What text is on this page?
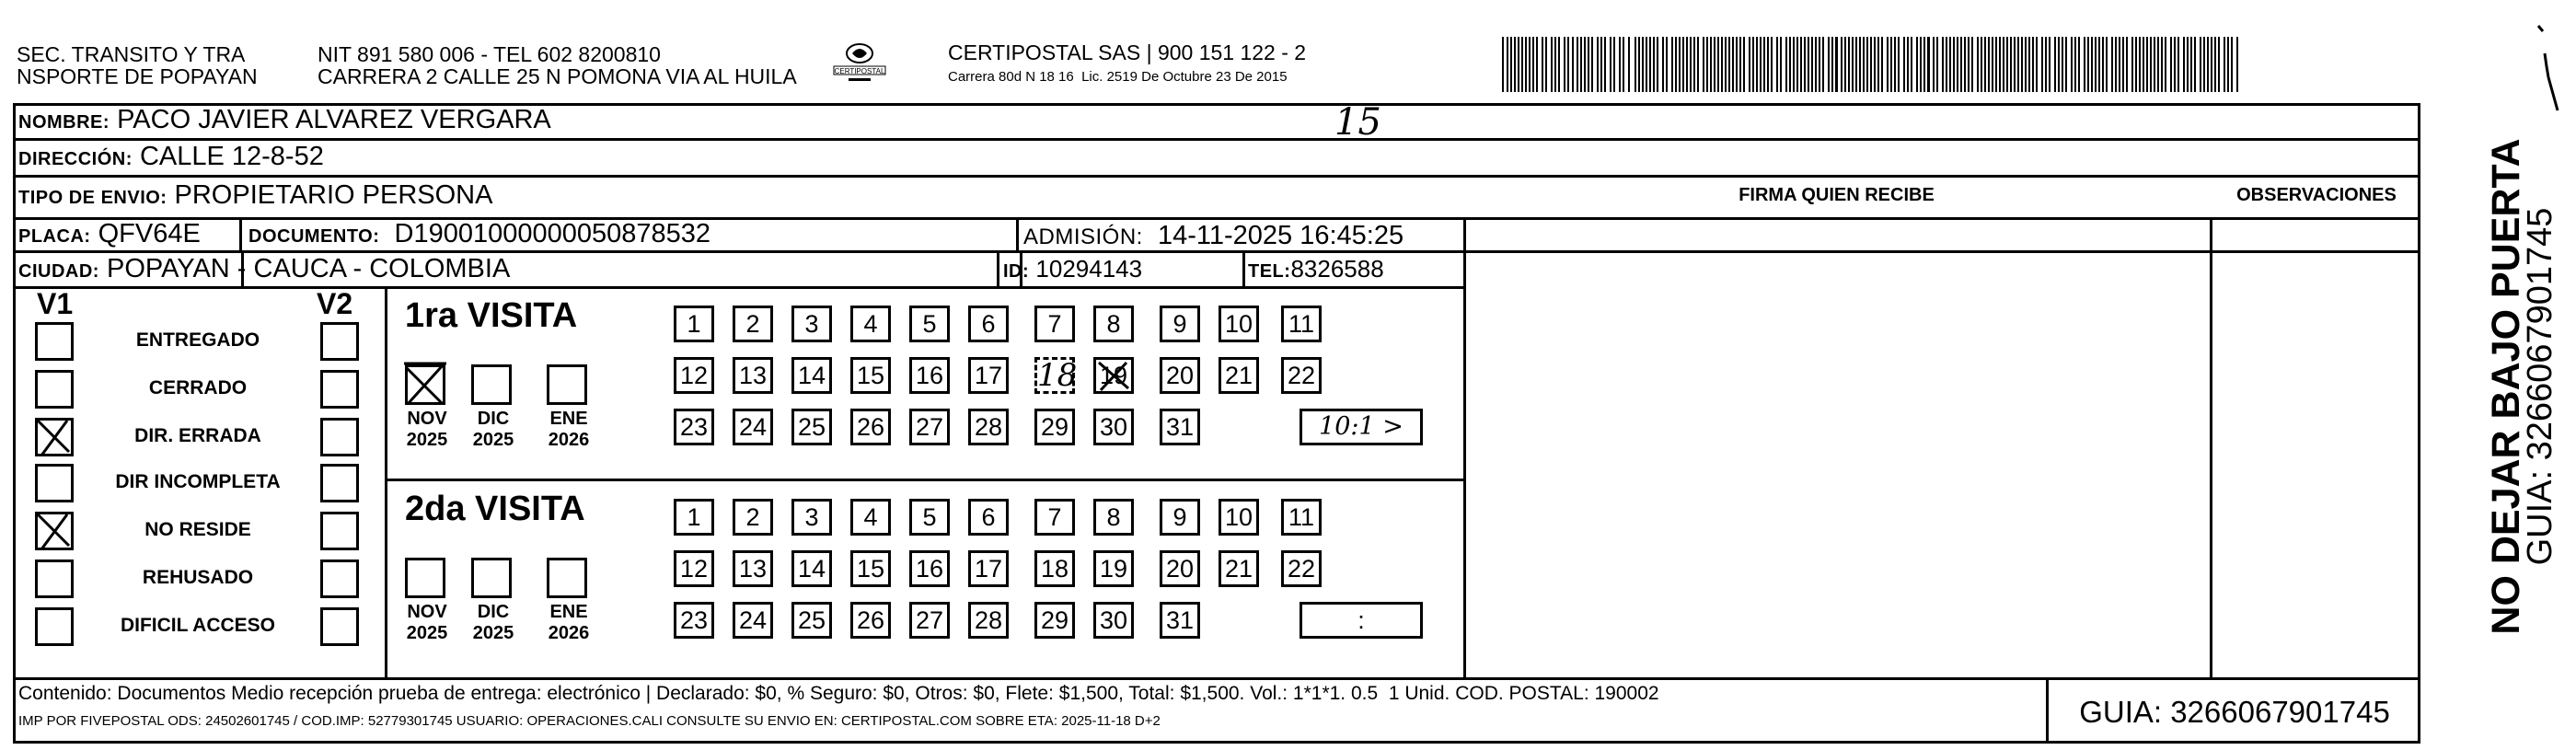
SEC. TRANSITO Y TRA
NSPORTE DE POPAYAN
NIT 891 580 006 - TEL 602 8200810
CARRERA 2 CALLE 25 N POMONA VIA AL HUILA	CERTIPOSTAL
CERTIPOSTAL SAS | 900 151 122 - 2
Carrera 80d N 18 16  Lic. 2519 De Octubre 23 De 2015
NOMBRE: PACO JAVIER ALVAREZ VERGARA	15
DIRECCIÓN: CALLE 12-8-52
TIPO DE ENVIO: PROPIETARIO PERSONA	FIRMA QUIEN RECIBE	OBSERVACIONES
PLACA: QFV64E	DOCUMENTO:  D19001000000050878532	ADMISIÓN:  14-11-2025 16:45:25
CIUDAD: POPAYAN - CAUCA - COLOMBIA	ID: 10294143	TEL:8326588
V1	V2
ENTREGADO
CERRADO
DIR. ERRADA
DIR INCOMPLETA
NO RESIDE
REHUSADO
DIFICIL ACCESO
1ra VISITA
2da VISITA
NOV
2025
DIC
2025
ENE
2026
1	2	3	4	5	6	7	8	9	10 11
12 13 14 15 16 17 18 19 20 21 22
23 24 25 26 27 28 29 30 31	10:1 >
NOV
2025
DIC
2025
ENE
2026
1	2	3	4	5	6	7	8	9	10 11
12 13 14 15 16 17 18 19 20 21 22
23 24 25 26 27 28 29 30 31	:
Contenido: Documentos Medio recepción prueba de entrega: electrónico | Declarado: $0, % Seguro: $0, Otros: $0, Flete: $1,500, Total: $1,500. Vol.: 1*1*1. 0.5  1 Unid. COD. POSTAL: 190002
IMP POR FIVEPOSTAL ODS: 24502601745 / COD.IMP: 52779301745 USUARIO: OPERACIONES.CALI CONSULTE SU ENVIO EN: CERTIPOSTAL.COM SOBRE ETA: 2025-11-18 D+2	GUIA: 3266067901745
NO DEJAR BAJO PUERTA
GUIA: 3266067901745
